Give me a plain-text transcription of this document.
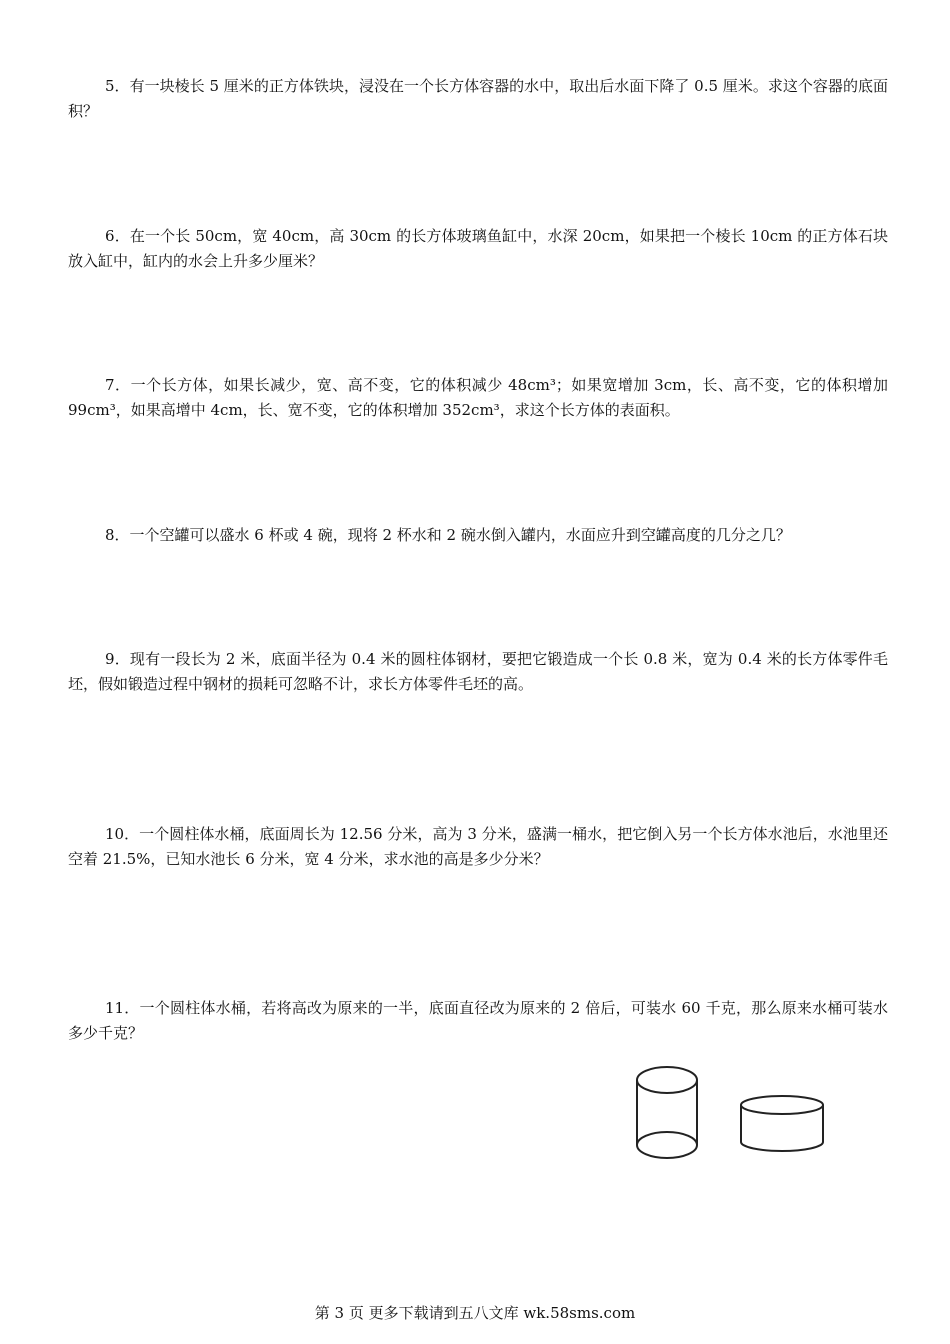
5．有一块棱长 5 厘米的正方体铁块，浸没在一个长方体容器的水中，取出后水面下降了 0.5 厘米。求这个容器的底面积？

6．在一个长 50cm，宽 40cm，高 30cm 的长方体玻璃鱼缸中，水深 20cm，如果把一个棱长 10cm 的正方体石块放入缸中，缸内的水会上升多少厘米？

7．一个长方体，如果长减少，宽、高不变，它的体积减少 48cm³；如果宽增加 3cm，长、高不变，它的体积增加 99cm³，如果高增中 4cm，长、宽不变，它的体积增加 352cm³，求这个长方体的表面积。

8．一个空罐可以盛水 6 杯或 4 碗，现将 2 杯水和 2 碗水倒入罐内，水面应升到空罐高度的几分之几？

9．现有一段长为 2 米，底面半径为 0.4 米的圆柱体钢材，要把它锻造成一个长 0.8 米，宽为 0.4 米的长方体零件毛坯，假如锻造过程中钢材的损耗可忽略不计，求长方体零件毛坯的高。

10．一个圆柱体水桶，底面周长为 12.56 分米，高为 3 分米，盛满一桶水，把它倒入另一个长方体水池后，水池里还空着 21.5%，已知水池长 6 分米，宽 4 分米，求水池的高是多少分米？

11．一个圆柱体水桶，若将高改为原来的一半，底面直径改为原来的 2 倍后，可装水 60 千克，那么原来水桶可装水多少千克？

第 3 页 更多下载请到五八文库 wk.58sms.com
